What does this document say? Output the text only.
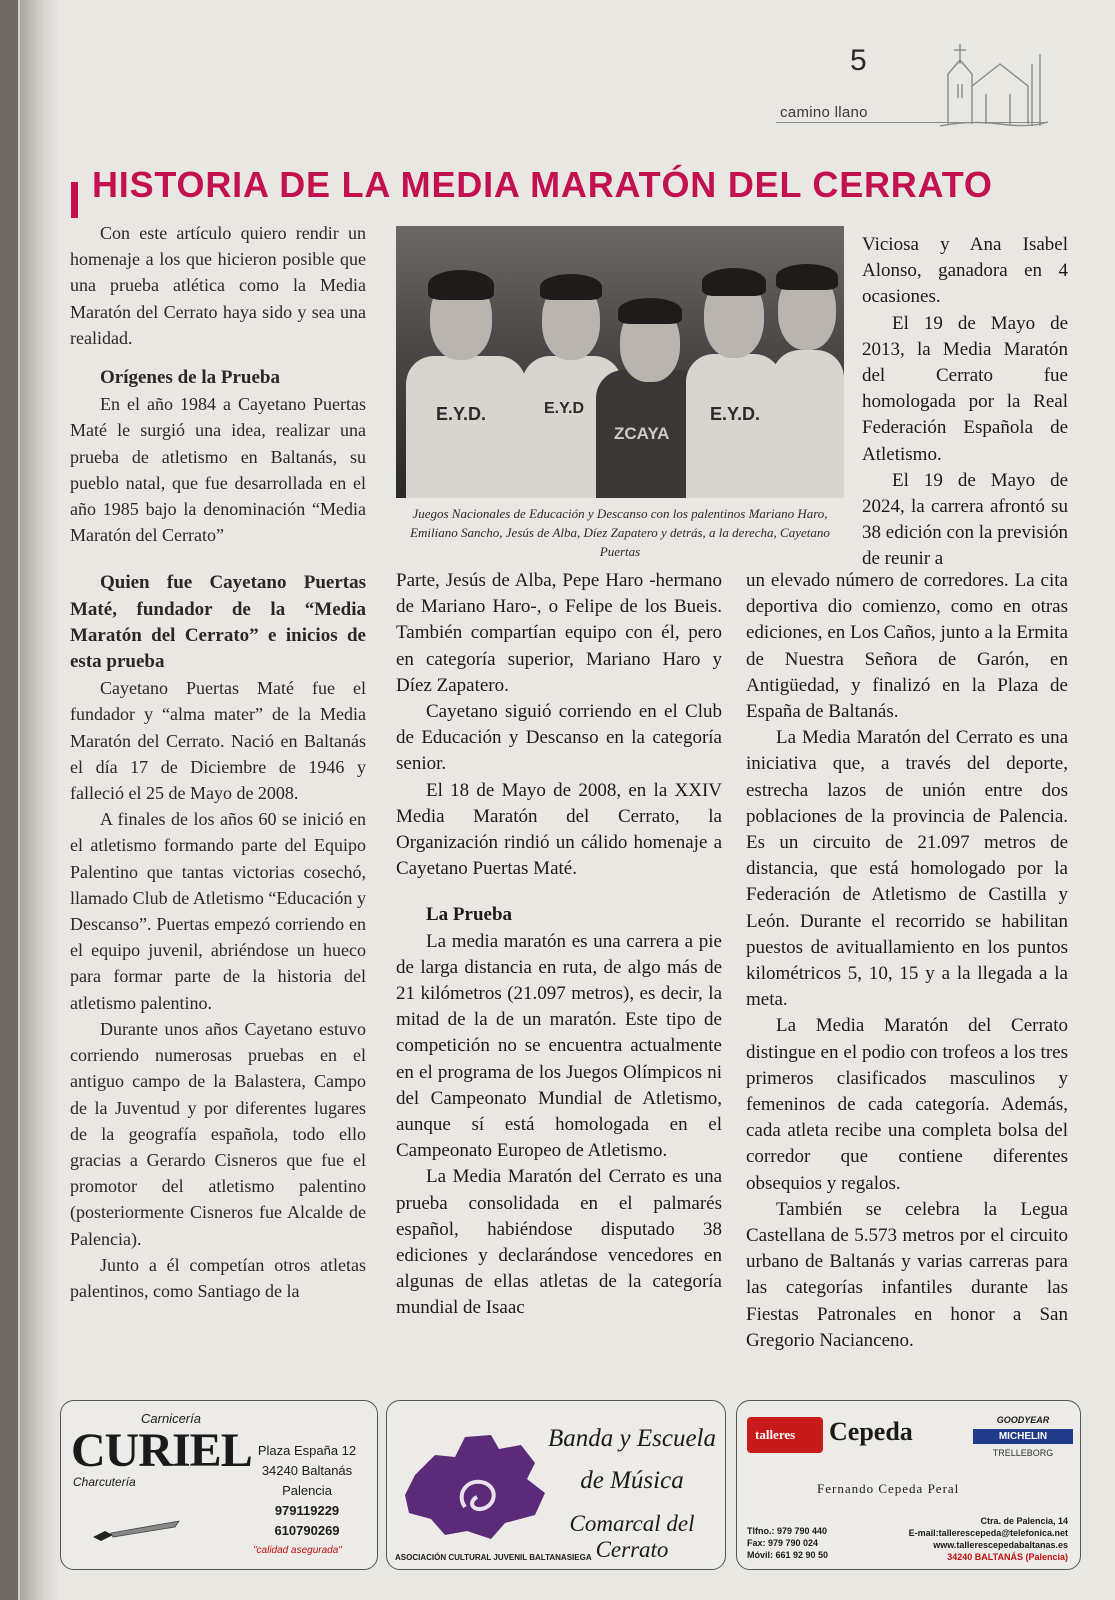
5
camino llano
HISTORIA DE LA MEDIA MARATÓN DEL CERRATO

Con este artículo quiero rendir un homenaje a los que hicieron posible que una prueba atlética como la Media Maratón del Cerrato haya sido y sea una realidad.

Orígenes de la Prueba

En el año 1984 a Cayetano Puertas Maté le surgió una idea, realizar una prueba de atletismo en Baltanás, su pueblo natal, que fue desarrollada en el año 1985 bajo la denominación “Media Maratón del Cerrato”

Quien fue Cayetano Puertas Maté, fundador de la “Media Maratón del Cerrato” e inicios de esta prueba

Cayetano Puertas Maté fue el fundador y “alma mater” de la Media Maratón del Cerrato. Nació en Baltanás el día 17 de Diciembre de 1946 y falleció el 25 de Mayo de 2008.

A finales de los años 60 se inició en el atletismo formando parte del Equipo Palentino que tantas victorias cosechó, llamado Club de Atletismo “Educación y Descanso”. Puertas empezó corriendo en el equipo juvenil, abriéndose un hueco para formar parte de la historia del atletismo palentino.

Durante unos años Cayetano estuvo corriendo numerosas pruebas en el antiguo campo de la Balastera, Campo de la Juventud y por diferentes lugares de la geografía española, todo ello gracias a Gerardo Cisneros que fue el promotor del atletismo palentino (posteriormente Cisneros fue Alcalde de Palencia).

Junto a él competían otros atletas palentinos, como Santiago de la

E.Y.D.	E.Y.D
ZCAYA
E.Y.D.
Juegos Nacionales de Educación y Descanso con los palentinos Mariano Haro, Emiliano Sancho, Jesús de Alba, Díez Zapatero y detrás, a la derecha, Cayetano Puertas

Parte, Jesús de Alba, Pepe Haro -hermano de Mariano Haro-, o Felipe de los Bueis. También compartían equipo con él, pero en categoría superior, Mariano Haro y Díez Zapatero.

Cayetano siguió corriendo en el Club de Educación y Descanso en la categoría senior.

El 18 de Mayo de 2008, en la XXIV Media Maratón del Cerrato, la Organización rindió un cálido homenaje a Cayetano Puertas Maté.

La Prueba

La media maratón es una carrera a pie de larga distancia en ruta, de algo más de 21 kilómetros (21.097 metros), es decir, la mitad de la de un maratón. Este tipo de competición no se encuentra actualmente en el programa de los Juegos Olímpicos ni del Campeonato Mundial de Atletismo, aunque sí está homologada en el Campeonato Europeo de Atletismo.

La Media Maratón del Cerrato es una prueba consolidada en el palmarés español, habiéndose disputado 38 ediciones y declarándose vencedores en algunas de ellas atletas de la categoría mundial de Isaac

Viciosa y Ana Isabel Alonso, ganadora en 4 ocasiones.

El 19 de Mayo de 2013, la Media Maratón del Cerrato fue homologada por la Real Federación Española de Atletismo.

El 19 de Mayo de 2024, la carrera afrontó su 38 edición con la previsión de reunir a

un elevado número de corredores. La cita deportiva dio comienzo, como en otras ediciones, en Los Caños, junto a la Ermita de Nuestra Señora de Garón, en Antigüedad, y finalizó en la Plaza de España de Baltanás.

La Media Maratón del Cerrato es una iniciativa que, a través del deporte, estrecha lazos de unión entre dos poblaciones de la provincia de Palencia. Es un circuito de 21.097 metros de distancia, que está homologado por la Federación de Atletismo de Castilla y León. Durante el recorrido se habilitan puestos de avituallamiento en los puntos kilométricos 5, 10, 15 y a la llegada a la meta.

La Media Maratón del Cerrato distingue en el podio con trofeos a los tres primeros clasificados masculinos y femeninos de cada categoría. Además, cada atleta recibe una completa bolsa del corredor que contiene diferentes obsequios y regalos.

También se celebra la Legua Castellana de 5.573 metros por el circuito urbano de Baltanás y varias carreras para las categorías infantiles durante las Fiestas Patronales en honor a San Gregorio Nacianceno.

Carnicería
CURIEL
Charcutería
Plaza España 12
34240 Baltanás
Palencia
979119229
610790269
"calidad asegurada"
ASOCIACIÓN CULTURAL JUVENIL BALTANASIEGA
Banda y Escuela
de Música
Comarcal del Cerrato
talleres Cepeda	GOODYEAR
MICHELIN
TRELLEBORG
Fernando Cepeda Peral
Tlfno.: 979 790 440
Fax: 979 790 024
Móvil: 661 92 90 50
Ctra. de Palencia, 14
E-mail:tallerescepeda@telefonica.net
www.tallerescepedabaltanas.es
34240 BALTANÁS (Palencia)
